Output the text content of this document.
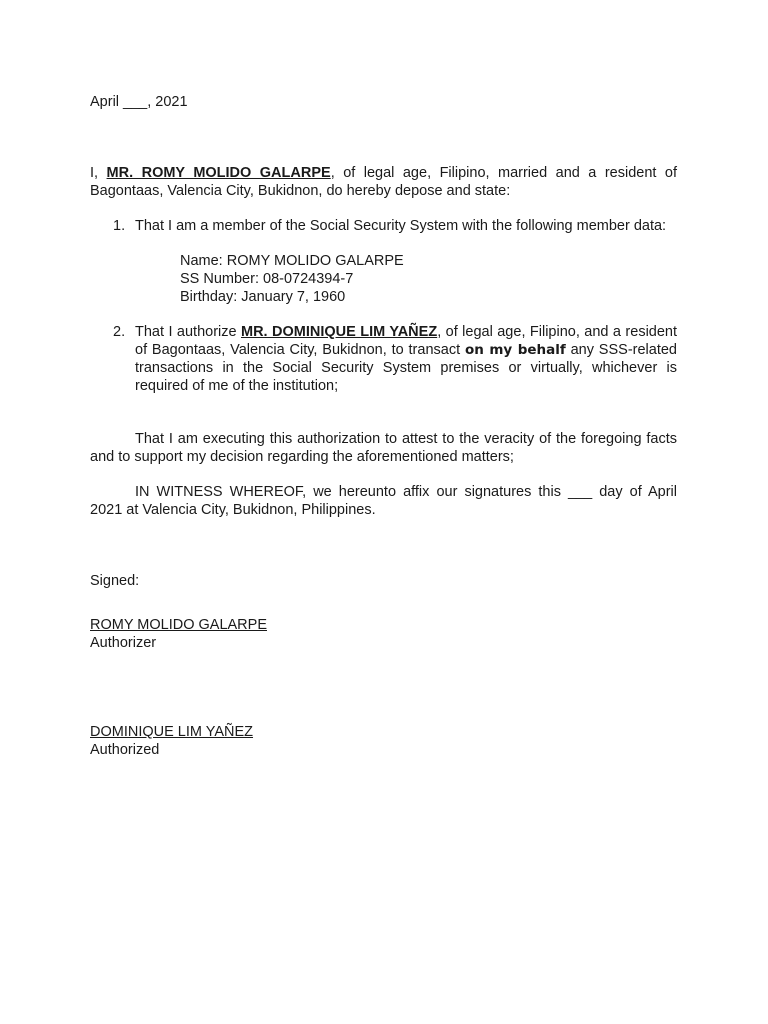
April ___, 2021

I, MR. ROMY MOLIDO GALARPE, of legal age, Filipino, married and a resident of Bagontaas, Valencia City, Bukidnon, do hereby depose and state:

1. That I am a member of the Social Security System with the following member data:
Name: ROMY MOLIDO GALARPE
SS Number: 08-0724394-7
Birthday: January 7, 1960
2. That I authorize MR. DOMINIQUE LIM YAÑEZ, of legal age, Filipino, and a resident of Bagontaas, Valencia City, Bukidnon, to transact on my behalf any SSS-related transactions in the Social Security System premises or virtually, whichever is required of me of the institution;

That I am executing this authorization to attest to the veracity of the foregoing facts and to support my decision regarding the aforementioned matters;

IN WITNESS WHEREOF, we hereunto affix our signatures this ___ day of April 2021 at Valencia City, Bukidnon, Philippines.

Signed:

ROMY MOLIDO GALARPE

Authorizer

DOMINIQUE LIM YAÑEZ

Authorized
